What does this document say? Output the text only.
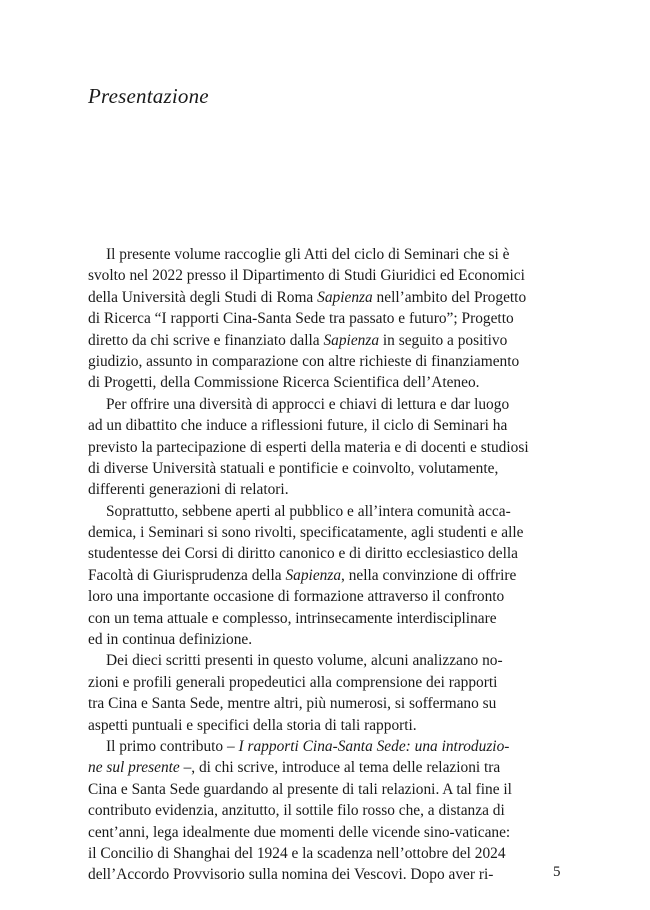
Presentazione
Il presente volume raccoglie gli Atti del ciclo di Seminari che si è
svolto nel 2022 presso il Dipartimento di Studi Giuridici ed Economici
della Università degli Studi di Roma Sapienza nell’ambito del Progetto
di Ricerca “I rapporti Cina-Santa Sede tra passato e futuro”; Progetto
diretto da chi scrive e finanziato dalla Sapienza in seguito a positivo
giudizio, assunto in comparazione con altre richieste di finanziamento
di Progetti, della Commissione Ricerca Scientifica dell’Ateneo.
Per offrire una diversità di approcci e chiavi di lettura e dar luogo
ad un dibattito che induce a riflessioni future, il ciclo di Seminari ha
previsto la partecipazione di esperti della materia e di docenti e studiosi
di diverse Università statuali e pontificie e coinvolto, volutamente,
differenti generazioni di relatori.
Soprattutto, sebbene aperti al pubblico e all’intera comunità acca-
demica, i Seminari si sono rivolti, specificatamente, agli studenti e alle
studentesse dei Corsi di diritto canonico e di diritto ecclesiastico della
Facoltà di Giurisprudenza della Sapienza, nella convinzione di offrire
loro una importante occasione di formazione attraverso il confronto
con un tema attuale e complesso, intrinsecamente interdisciplinare
ed in continua definizione.
Dei dieci scritti presenti in questo volume, alcuni analizzano no-
zioni e profili generali propedeutici alla comprensione dei rapporti
tra Cina e Santa Sede, mentre altri, più numerosi, si soffermano su
aspetti puntuali e specifici della storia di tali rapporti.
Il primo contributo – I rapporti Cina-Santa Sede: una introduzio-
ne sul presente –, di chi scrive, introduce al tema delle relazioni tra
Cina e Santa Sede guardando al presente di tali relazioni. A tal fine il
contributo evidenzia, anzitutto, il sottile filo rosso che, a distanza di
cent’anni, lega idealmente due momenti delle vicende sino-vaticane:
il Concilio di Shanghai del 1924 e la scadenza nell’ottobre del 2024
dell’Accordo Provvisorio sulla nomina dei Vescovi. Dopo aver ri-	5
